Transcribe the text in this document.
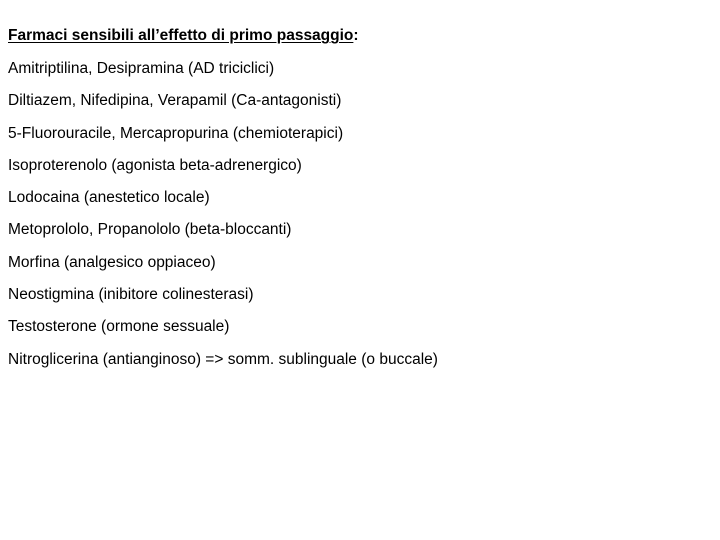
Farmaci sensibili all’effetto di primo passaggio:
Amitriptilina, Desipramina (AD triciclici)
Diltiazem, Nifedipina, Verapamil (Ca-antagonisti)
5-Fluorouracile, Mercapropurina (chemioterapici)
Isoproterenolo (agonista beta-adrenergico)
Lodocaina (anestetico locale)
Metoprololo, Propanololo (beta-bloccanti)
Morfina (analgesico oppiaceo)
Neostigmina (inibitore colinesterasi)
Testosterone (ormone sessuale)
Nitroglicerina (antianginoso) => somm. sublinguale (o buccale)
